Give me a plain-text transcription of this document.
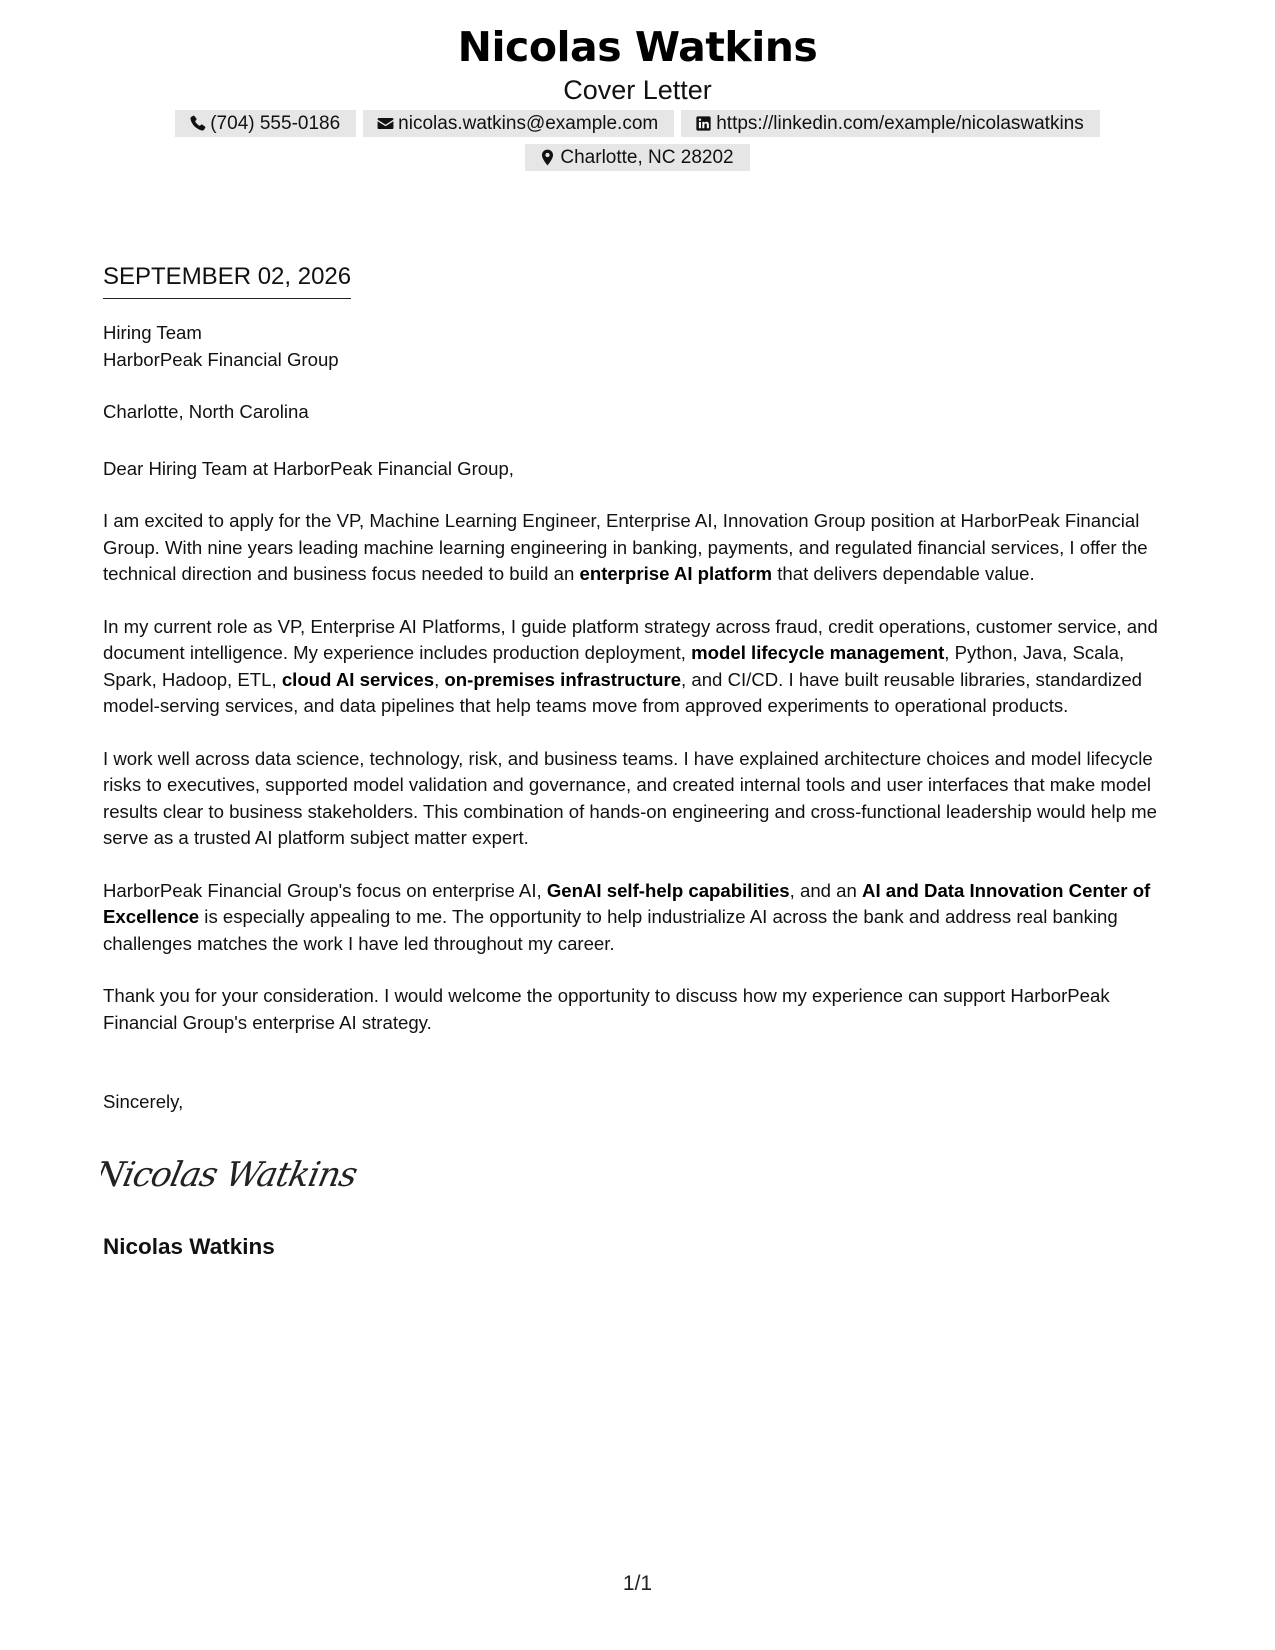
Nicolas Watkins
Cover Letter
(704) 555-0186	nicolas.watkins@example.com	https://linkedin.com/example/nicolaswatkins
Charlotte, NC 28202
SEPTEMBER 02, 2026
Hiring Team
HarborPeak Financial Group
Charlotte, North Carolina
Dear Hiring Team at HarborPeak Financial Group,

I am excited to apply for the VP, Machine Learning Engineer, Enterprise AI, Innovation Group position at HarborPeak Financial Group. With nine years leading machine learning engineering in banking, payments, and regulated financial services, I offer the technical direction and business focus needed to build an enterprise AI platform that delivers dependable value.

In my current role as VP, Enterprise AI Platforms, I guide platform strategy across fraud, credit operations, customer service, and document intelligence. My experience includes production deployment, model lifecycle management, Python, Java, Scala, Spark, Hadoop, ETL, cloud AI services, on-premises infrastructure, and CI/CD. I have built reusable libraries, standardized model-serving services, and data pipelines that help teams move from approved experiments to operational products.

I work well across data science, technology, risk, and business teams. I have explained architecture choices and model lifecycle risks to executives, supported model validation and governance, and created internal tools and user interfaces that make model results clear to business stakeholders. This combination of hands-on engineering and cross-functional leadership would help me serve as a trusted AI platform subject matter expert.

HarborPeak Financial Group's focus on enterprise AI, GenAI self-help capabilities, and an AI and Data Innovation Center of Excellence is especially appealing to me. The opportunity to help industrialize AI across the bank and address real banking challenges matches the work I have led throughout my career.

Thank you for your consideration. I would welcome the opportunity to discuss how my experience can support HarborPeak Financial Group's enterprise AI strategy.

Sincerely,
Nicolas Watkins
Nicolas Watkins
1/1
